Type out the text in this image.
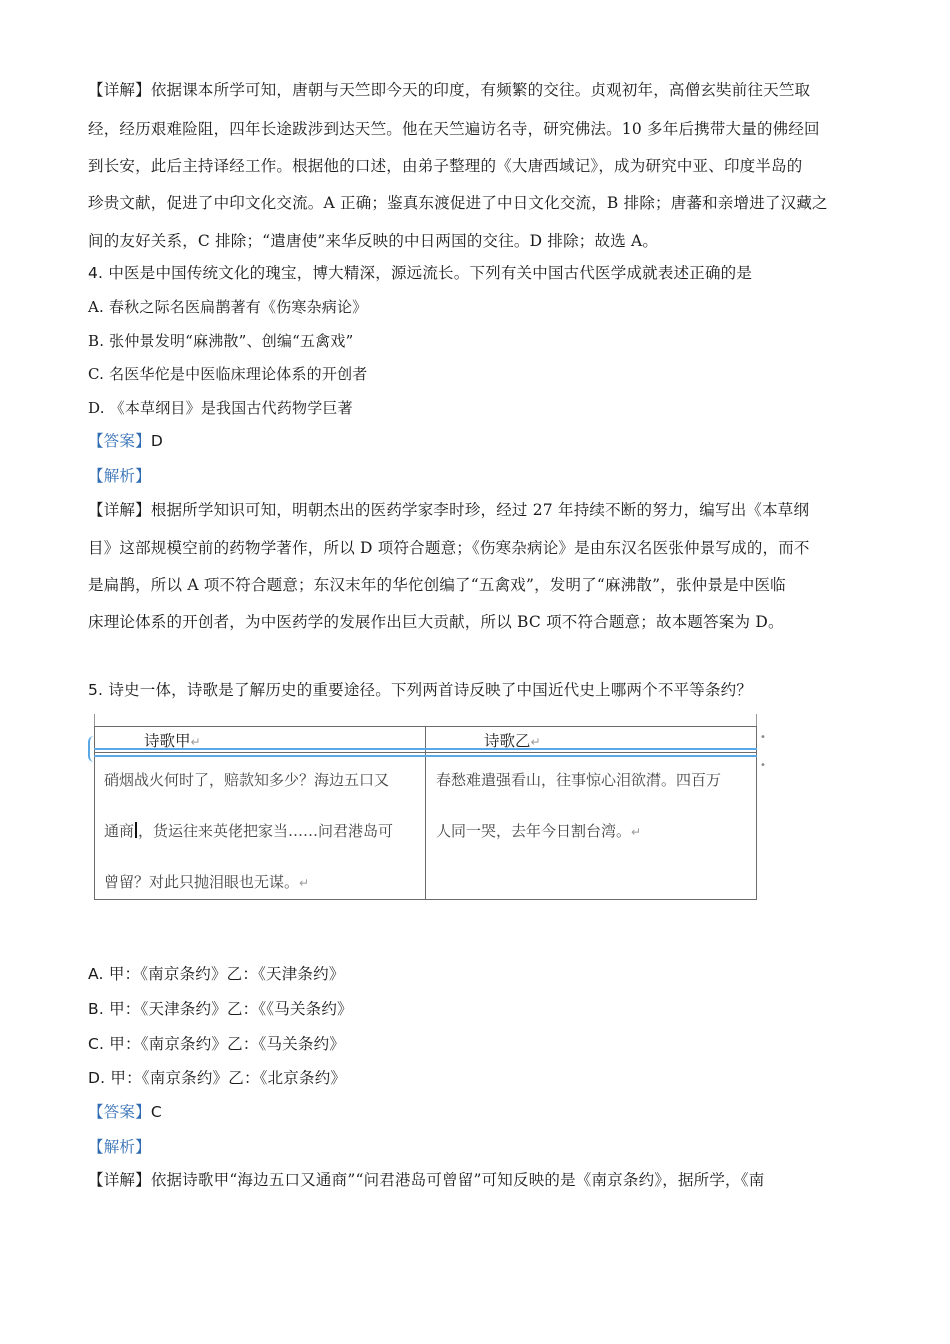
【详解】依据课本所学可知，唐朝与天竺即今天的印度，有频繁的交往。贞观初年，高僧玄奘前往天竺取
经，经历艰难险阻，四年长途跋涉到达天竺。他在天竺遍访名寺，研究佛法。10 多年后携带大量的佛经回
到长安，此后主持译经工作。根据他的口述，由弟子整理的《大唐西域记》，成为研究中亚、印度半岛的
珍贵文献，促进了中印文化交流。A 正确；鉴真东渡促进了中日文化交流，B 排除；唐蕃和亲增进了汉藏之
间的友好关系，C 排除；“遣唐使”来华反映的中日两国的交往。D 排除；故选 A。
4. 中医是中国传统文化的瑰宝，博大精深，源远流长。下列有关中国古代医学成就表述正确的是
A. 春秋之际名医扁鹊著有《伤寒杂病论》
B. 张仲景发明“麻沸散”、创编“五禽戏”
C. 名医华佗是中医临床理论体系的开创者
D. 《本草纲目》是我国古代药物学巨著
【答案】D
【解析】
【详解】根据所学知识可知，明朝杰出的医药学家李时珍，经过 27 年持续不断的努力，编写出《本草纲
目》这部规模空前的药物学著作，所以 D 项符合题意；《伤寒杂病论》是由东汉名医张仲景写成的，而不
是扁鹊，所以 A 项不符合题意；东汉末年的华佗创编了“五禽戏”，发明了“麻沸散”，张仲景是中医临
床理论体系的开创者，为中医药学的发展作出巨大贡献，所以 BC 项不符合题意；故本题答案为 D。
5. 诗史一体，诗歌是了解历史的重要途径。下列两首诗反映了中国近代史上哪两个不平等条约？
•
•
诗歌甲↵	诗歌乙↵
硝烟战火何时了，赔款知多少？海边五口又
通商 ，货运往来英佬把家当……问君港岛可
曾留？对此只抛泪眼也无谋。↵
春愁难遣强看山，往事惊心泪欲潸。四百万
人同一哭，去年今日割台湾。↵
A. 甲：《南京条约》乙：《天津条约》
B. 甲：《天津条约》乙：《《马关条约》
C. 甲：《南京条约》乙：《马关条约》
D. 甲：《南京条约》乙：《北京条约》
【答案】C
【解析】
【详解】依据诗歌甲“海边五口又通商”“问君港岛可曾留”可知反映的是《南京条约》，据所学，《南
